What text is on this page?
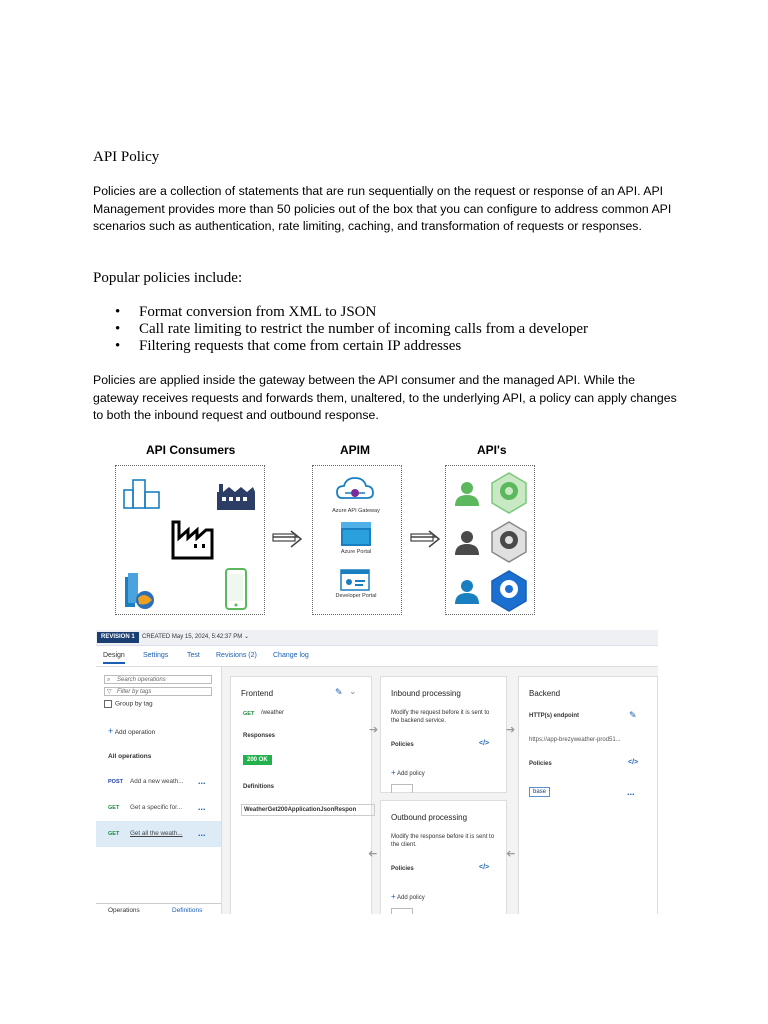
API Policy
Policies are a collection of statements that are run sequentially on the request or response of an API. API Management provides more than 50 policies out of the box that you can configure to address common API scenarios such as authentication, rate limiting, caching, and transformation of requests or responses.
Popular policies include:
• Format conversion from XML to JSON
• Call rate limiting to restrict the number of incoming calls from a developer
• Filtering requests that come from certain IP addresses
Policies are applied inside the gateway between the API consumer and the managed API. While the gateway receives requests and forwards them, unaltered, to the underlying API, a policy can apply changes to both the inbound request and outbound response.
API Consumers	APIM	API's
Azure API Gateway
Azure Portal
Developer Portal
REVISION 1	CREATED May 15, 2024, 5:42:37 PM ⌄
Design	Settings	Test Revisions (2) Change log
⌕ Search operations
▽ Filter by tags
Group by tag
+ Add operation
All operations
POST Add a new weath... ...
GET Get a specific for... ...
GET Get all the weath... ...
Operations	Definitions
Frontend	✎ ⌄
GET /weather
Responses
200 OK
Definitions
WeatherGet200ApplicationJsonRespon
➔
Inbound processing
Modify the request before it is sent to the backend service.
Policies	</>
+ Add policy
Outbound processing
Modify the response before it is sent to the client.
Policies	</>
+ Add policy
➔
➔
➔
Backend
HTTP(s) endpoint	✎
https://app-brezyweather-prod51...
Policies	</>
base	...
